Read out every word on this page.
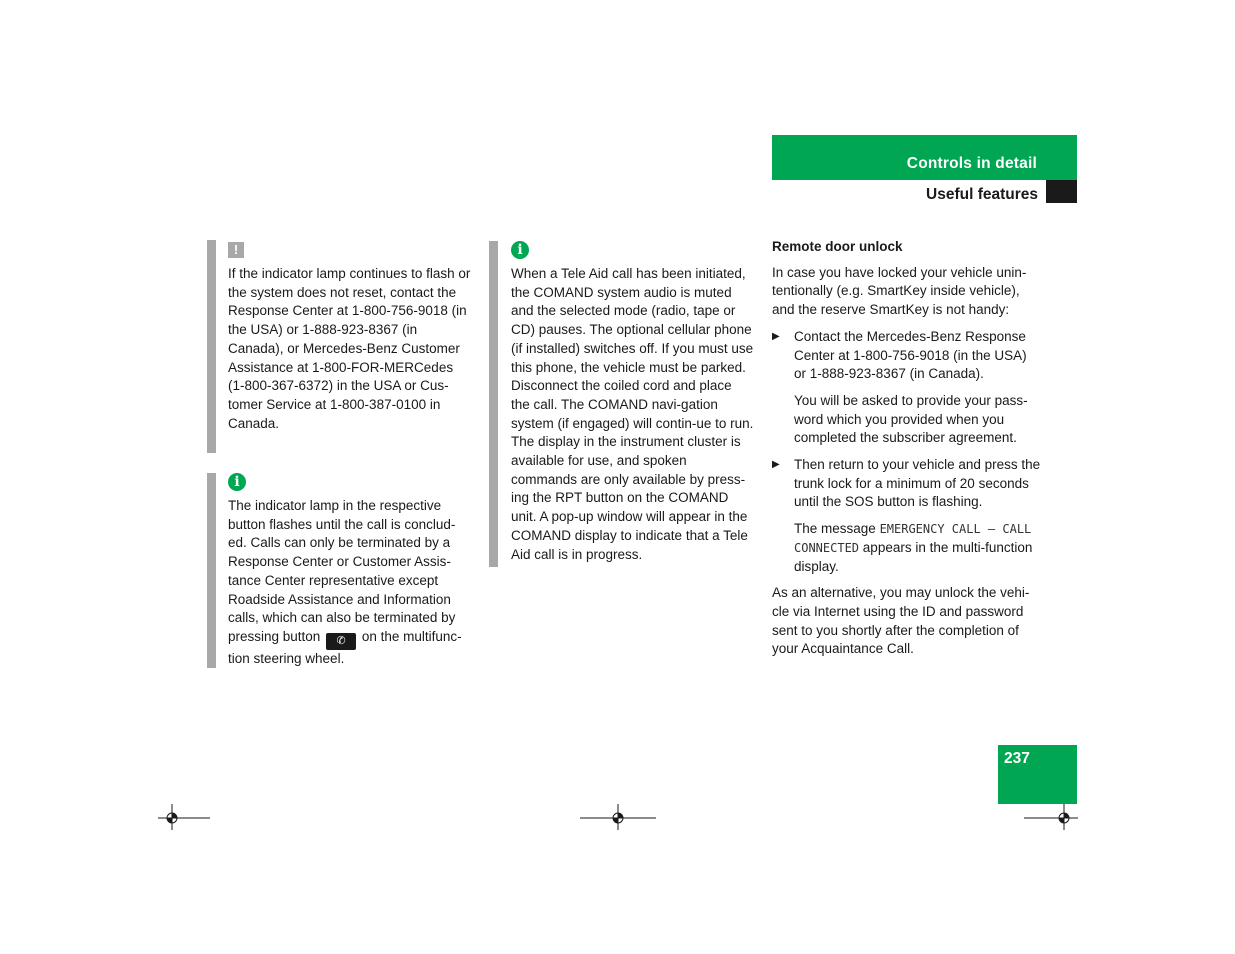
Controls in detail
Useful features
!
If the indicator lamp continues to flash or the system does not reset, contact the Response Center at 1-800-756-9018 (in the USA) or 1-888-923-8367 (in Canada), or Mercedes-Benz Customer Assistance at 1-800-FOR-MERCedes (1-800-367-6372) in the USA or Cus-tomer Service at 1-800-387-0100 in Canada.
i
The indicator lamp in the respective button flashes until the call is conclud-ed. Calls can only be terminated by a Response Center or Customer Assis-tance Center representative except Roadside Assistance and Information calls, which can also be terminated by pressing button ✆ on the multifunc-tion steering wheel.
i
When a Tele Aid call has been initiated, the COMAND system audio is muted and the selected mode (radio, tape or CD) pauses. The optional cellular phone (if installed) switches off. If you must use this phone, the vehicle must be parked. Disconnect the coiled cord and place the call. The COMAND navi-gation system (if engaged) will contin-ue to run. The display in the instrument cluster is available for use, and spoken commands are only available by press-ing the RPT button on the COMAND unit. A pop-up window will appear in the COMAND display to indicate that a Tele Aid call is in progress.
Remote door unlock

In case you have locked your vehicle unin-tentionally (e.g. SmartKey inside vehicle), and the reserve SmartKey is not handy:

▶ Contact the Mercedes-Benz Response Center at 1-800-756-9018 (in the USA) or 1-888-923-8367 (in Canada).
You will be asked to provide your pass-word which you provided when you completed the subscriber agreement.
▶ Then return to your vehicle and press the trunk lock for a minimum of 20 seconds until the SOS button is flashing.
The message EMERGENCY CALL – CALL CONNECTED appears in the multi-function display.

As an alternative, you may unlock the vehi-cle via Internet using the ID and password sent to you shortly after the completion of your Acquaintance Call.

237
